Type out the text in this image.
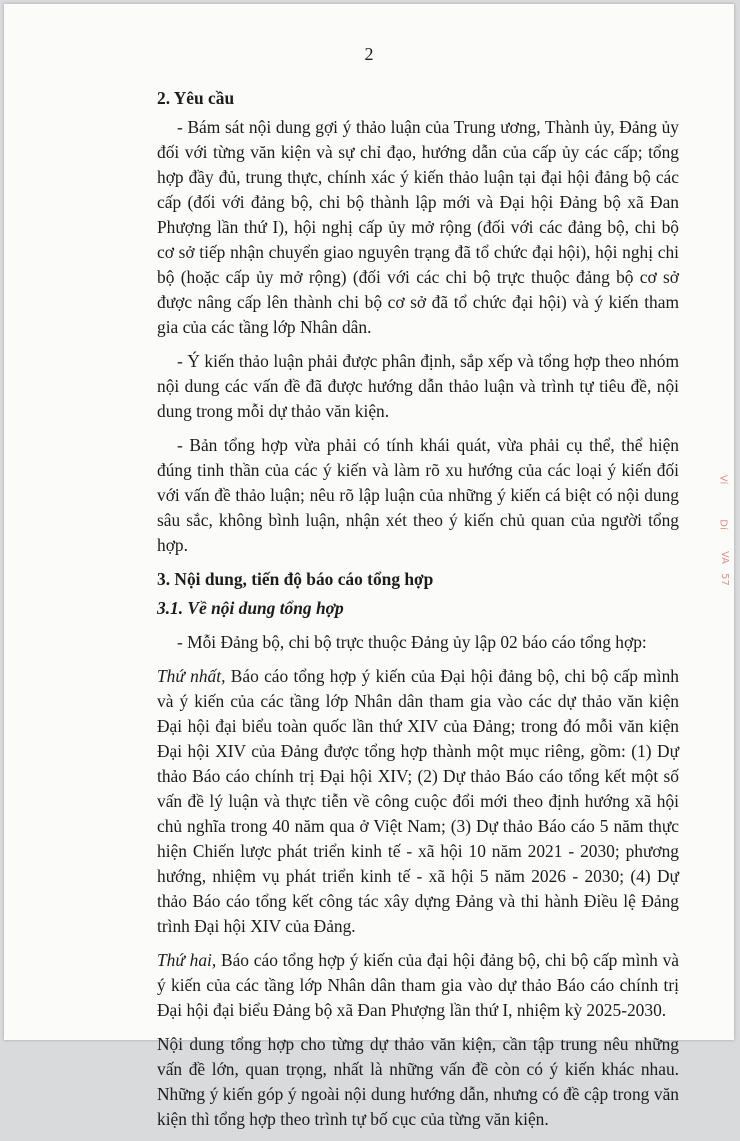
2

2. Yêu cầu

- Bám sát nội dung gợi ý thảo luận của Trung ương, Thành ủy, Đảng ủy đối với từng văn kiện và sự chỉ đạo, hướng dẫn của cấp ủy các cấp; tổng hợp đầy đủ, trung thực, chính xác ý kiến thảo luận tại đại hội đảng bộ các cấp (đối với đảng bộ, chi bộ thành lập mới và Đại hội Đảng bộ xã Đan Phượng lần thứ I), hội nghị cấp ủy mở rộng (đối với các đảng bộ, chi bộ cơ sở tiếp nhận chuyển giao nguyên trạng đã tổ chức đại hội), hội nghị chi bộ (hoặc cấp ủy mở rộng) (đối với các chi bộ trực thuộc đảng bộ cơ sở được nâng cấp lên thành chi bộ cơ sở đã tổ chức đại hội) và ý kiến tham gia của các tầng lớp Nhân dân.

- Ý kiến thảo luận phải được phân định, sắp xếp và tổng hợp theo nhóm nội dung các vấn đề đã được hướng dẫn thảo luận và trình tự tiêu đề, nội dung trong mỗi dự thảo văn kiện.

- Bản tổng hợp vừa phải có tính khái quát, vừa phải cụ thể, thể hiện đúng tinh thần của các ý kiến và làm rõ xu hướng của các loại ý kiến đối với vấn đề thảo luận; nêu rõ lập luận của những ý kiến cá biệt có nội dung sâu sắc, không bình luận, nhận xét theo ý kiến chủ quan của người tổng hợp.

3. Nội dung, tiến độ báo cáo tổng hợp

3.1. Về nội dung tổng hợp

- Mỗi Đảng bộ, chi bộ trực thuộc Đảng ủy lập 02 báo cáo tổng hợp:

Thứ nhất, Báo cáo tổng hợp ý kiến của Đại hội đảng bộ, chi bộ cấp mình và ý kiến của các tầng lớp Nhân dân tham gia vào các dự thảo văn kiện Đại hội đại biểu toàn quốc lần thứ XIV của Đảng; trong đó mỗi văn kiện Đại hội XIV của Đảng được tổng hợp thành một mục riêng, gồm: (1) Dự thảo Báo cáo chính trị Đại hội XIV; (2) Dự thảo Báo cáo tổng kết một số vấn đề lý luận và thực tiễn về công cuộc đổi mới theo định hướng xã hội chủ nghĩa trong 40 năm qua ở Việt Nam; (3) Dự thảo Báo cáo 5 năm thực hiện Chiến lược phát triển kinh tế - xã hội 10 năm 2021 - 2030; phương hướng, nhiệm vụ phát triển kinh tế - xã hội 5 năm 2026 - 2030; (4) Dự thảo Báo cáo tổng kết công tác xây dựng Đảng và thi hành Điều lệ Đảng trình Đại hội XIV của Đảng.

Thứ hai, Báo cáo tổng hợp ý kiến của đại hội đảng bộ, chi bộ cấp mình và ý kiến của các tầng lớp Nhân dân tham gia vào dự thảo Báo cáo chính trị Đại hội đại biểu Đảng bộ xã Đan Phượng lần thứ I, nhiệm kỳ 2025-2030.

Nội dung tổng hợp cho từng dự thảo văn kiện, cần tập trung nêu những vấn đề lớn, quan trọng, nhất là những vấn đề còn có ý kiến khác nhau. Những ý kiến góp ý ngoài nội dung hướng dẫn, nhưng có đề cập trong văn kiện thì tổng hợp theo trình tự bố cục của từng văn kiện.

Ví
Dí
VA
57
